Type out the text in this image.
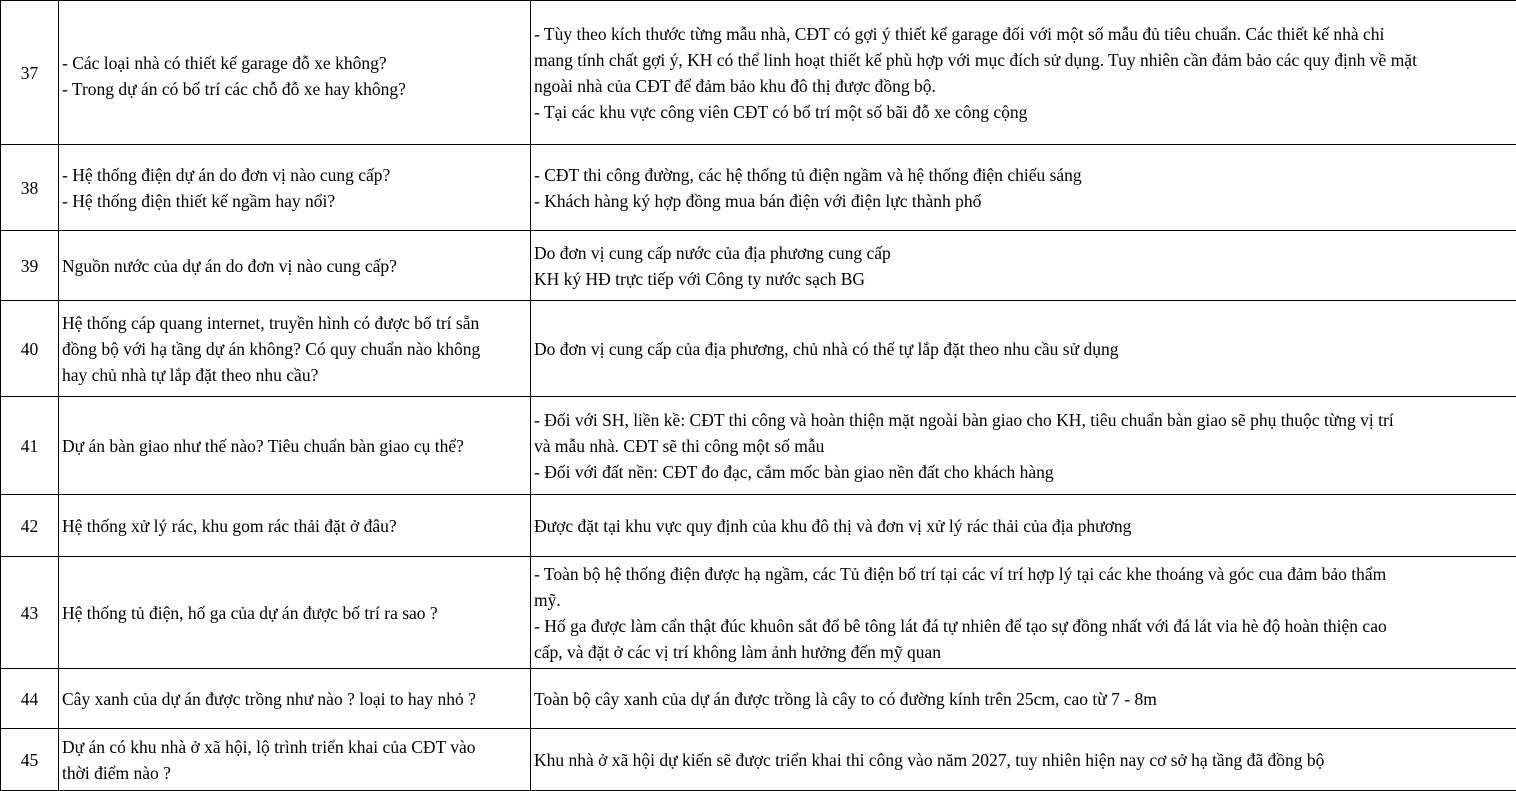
37	- Các loại nhà có thiết kế garage đỗ xe không?
- Trong dự án có bố trí các chỗ đỗ xe hay không?	- Tùy theo kích thước từng mẫu nhà, CĐT có gợi ý thiết kế garage đối với một số mẫu đủ tiêu chuẩn. Các thiết kế nhà chỉ
mang tính chất gợi ý, KH có thể linh hoạt thiết kế phù hợp với mục đích sử dụng. Tuy nhiên cần đảm bảo các quy định về mặt
ngoài nhà của CĐT để đảm bảo khu đô thị được đồng bộ.
- Tại các khu vực công viên CĐT có bố trí một số bãi đỗ xe công cộng

38	- Hệ thống điện dự án do đơn vị nào cung cấp?
- Hệ thống điện thiết kế ngầm hay nổi?	- CĐT thi công đường, các hệ thống tủ điện ngầm và hệ thống điện chiếu sáng
- Khách hàng ký hợp đồng mua bán điện với điện lực thành phố

39	Nguồn nước của dự án do đơn vị nào cung cấp?	Do đơn vị cung cấp nước của địa phương cung cấp
KH ký HĐ trực tiếp với Công ty nước sạch BG

40	Hệ thống cáp quang internet, truyền hình có được bố trí sẵn
đồng bộ với hạ tầng dự án không? Có quy chuẩn nào không
hay chủ nhà tự lắp đặt theo nhu cầu?	Do đơn vị cung cấp của địa phương, chủ nhà có thể tự lắp đặt theo nhu cầu sử dụng

41	Dự án bàn giao như thế nào? Tiêu chuẩn bàn giao cụ thể?	- Đối với SH, liền kề: CĐT thi công và hoàn thiện mặt ngoài bàn giao cho KH, tiêu chuẩn bàn giao sẽ phụ thuộc từng vị trí
và mẫu nhà. CĐT sẽ thi công một số mẫu
- Đối với đất nền: CĐT đo đạc, cắm mốc bàn giao nền đất cho khách hàng

42	Hệ thống xử lý rác, khu gom rác thải đặt ở đâu?	Được đặt tại khu vực quy định của khu đô thị và đơn vị xử lý rác thải của địa phương

43	Hệ thống tủ điện, hố ga của dự án được bố trí ra sao ?	- Toàn bộ hệ thống điện được hạ ngầm, các Tủ điện bố trí tại các ví trí hợp lý tại các khe thoáng và góc cua đảm bảo thẩm
mỹ.
- Hố ga được làm cẩn thật đúc khuôn sắt đổ bê tông lát đá tự nhiên để tạo sự đồng nhất với đá lát via hè độ hoàn thiện cao
cấp, và đặt ở các vị trí không làm ảnh hưởng đến mỹ quan

44	Cây xanh của dự án được trồng như nào ? loại to hay nhỏ ?	Toàn bộ cây xanh của dự án được trồng là cây to có đường kính trên 25cm, cao từ 7 - 8m

45	Dự án có khu nhà ở xã hội, lộ trình triển khai của CĐT vào
thời điểm nào ?	Khu nhà ở xã hội dự kiến sẽ được triển khai thi công vào năm 2027, tuy nhiên hiện nay cơ sở hạ tầng đã đồng bộ
